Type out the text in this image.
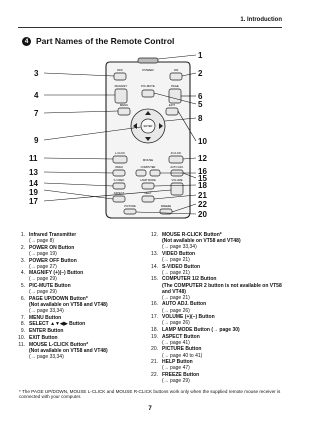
1. Introduction
4 Part Names of the Remote Control
OFF	ON
POWER
MAGNIFY	PIC-MUTE	PAGE
MENU	EXIT
ENTER
L-CLICK	R-CLICK
MOUSE
VIDEO	COMPUTER	AUTO ADJ.
S-VIDEO	LAMP MODE	VOLUME
ASPECT	HELP
PICTURE	FREEZE
1
2
3
4
5
6
7
8
9	10
11	12
13
14
15
16
17
18
19
20
21
22
1. Infrared Transmitter
(→ page 8)
2. POWER ON Button
(→ page 19)
3. POWER OFF Button
(→ page 27)
4. MAGNIFY (+)(–) Button
(→ page 29)
5. PIC-MUTE Button
(→ page 29)
6. PAGE UP/DOWN Button*
(Not available on VT58 and VT48)
(→ page 33,34)
7. MENU Button
8. SELECT ▲▼◀▶ Button
9. ENTER Button
10. EXIT Button
11. MOUSE L-CLICK Button*
(Not available on VT58 and VT48)
(→ page 33,34)
12. MOUSE R-CLICK Button*
(Not available on VT58 and VT48)
(→ page 33,34)
13. VIDEO Button
(→ page 21)
14. S-VIDEO Button
(→ page 21)
15. COMPUTER 1/2 Button
(The COMPUTER 2 button is not available on VT58 and VT48)
(→ page 21)
16. AUTO ADJ. Button
(→ page 26)
17. VOLUME (+)(–) Button
(→ page 26)
18. LAMP MODE Button (→ page 30)
19. ASPECT Button
(→ page 41)
20. PICTURE Button
(→ page 40 to 41)
21. HELP Button
(→ page 47)
22. FREEZE Button
(→ page 29)
* The PAGE UP/DOWN, MOUSE L-CLICK and MOUSE R-CLICK buttons work only when the supplied remote mouse receiver is connected with your computer.
7
